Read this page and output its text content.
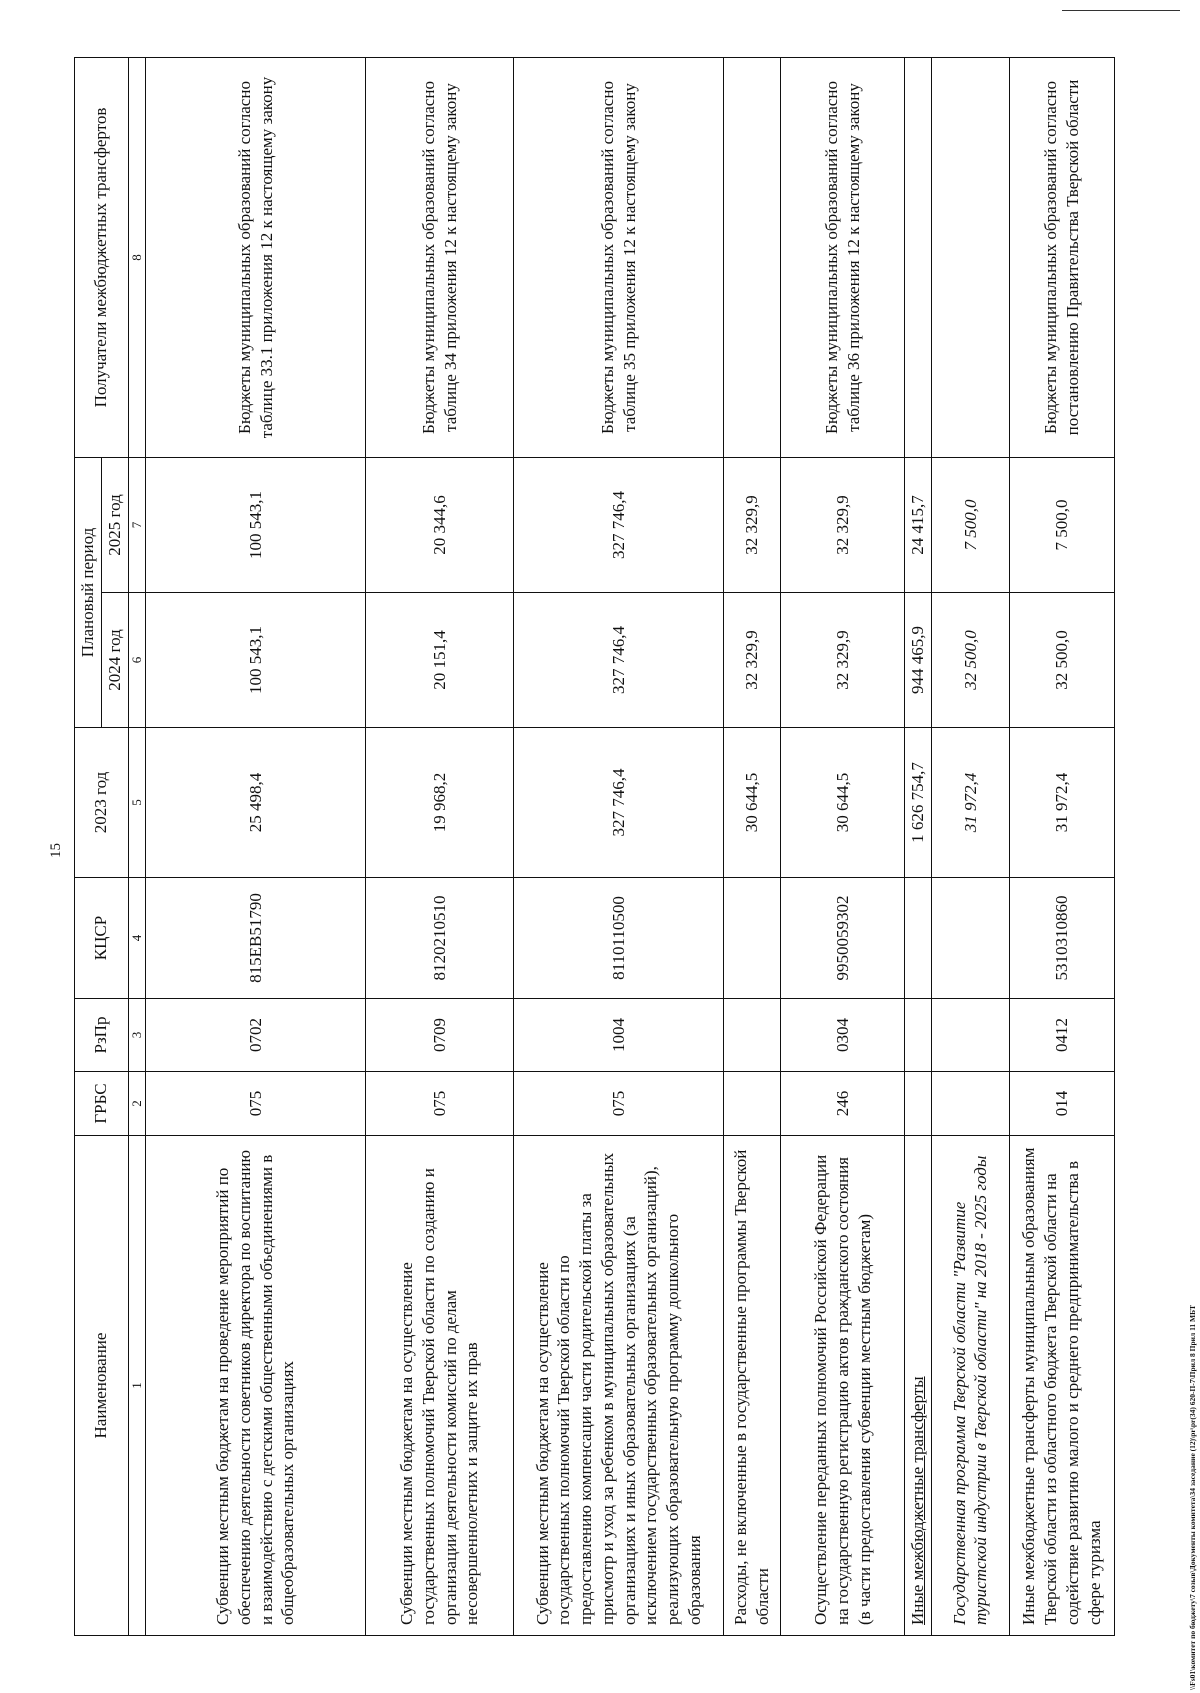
15
\\Fs01\комитет по бюджету\7 созыв\Документы комитета\34 заседание (12)\pr\pr(34) 620-П-7\Прил 8 Прил 11 МБТ
Наименование	ГРБС	РзПр	КЦСР	2023 год	Плановый период		Получатели межбюджетных трансфертов
					2024 год	2025 год	
1	2	3	4	5	6	7	8
Субвенции местным бюджетам на проведение мероприятий по обеспечению деятельности советников директора по воспитанию и взаимодействию с детскими общественными объединениями в общеобразовательных организациях	075	0702	815EВ51790	25 498,4	100 543,1	100 543,1	Бюджеты муниципальных образований согласно таблице 33.1 приложения 12 к настоящему закону
Субвенции местным бюджетам на осуществление государственных полномочий Тверской области по созданию и организации деятельности комиссий по делам несовершеннолетних и защите их прав	075	0709	8120210510	19 968,2	20 151,4	20 344,6	Бюджеты муниципальных образований согласно таблице 34 приложения 12 к настоящему закону
Субвенции местным бюджетам на осуществление государственных полномочий Тверской области по предоставлению компенсации части родительской платы за присмотр и уход за ребенком в муниципальных образовательных организациях и иных образовательных организациях (за исключением государственных образовательных организаций), реализующих образовательную программу дошкольного образования	075	1004	8110110500	327 746,4	327 746,4	327 746,4	Бюджеты муниципальных образований согласно таблице 35 приложения 12 к настоящему закону
Расходы, не включенные в государственные программы Тверской области				30 644,5	32 329,9	32 329,9	
Осуществление переданных полномочий Российской Федерации на государственную регистрацию актов гражданского состояния (в части предоставления субвенции местным бюджетам)	246	0304	9950059302	30 644,5	32 329,9	32 329,9	Бюджеты муниципальных образований согласно таблице 36 приложения 12 к настоящему закону
Иные межбюджетные трансферты				1 626 754,7	944 465,9	24 415,7	
Государственная программа Тверской области "Развитие туристской индустрии в Тверской области" на 2018 - 2025 годы				31 972,4	32 500,0	7 500,0	
Иные межбюджетные трансферты муниципальным образованиям Тверской области из областного бюджета Тверской области на содействие развитию малого и среднего предпринимательства в сфере туризма	014	0412	5310310860	31 972,4	32 500,0	7 500,0	Бюджеты муниципальных образований согласно постановлению Правительства Тверской области
